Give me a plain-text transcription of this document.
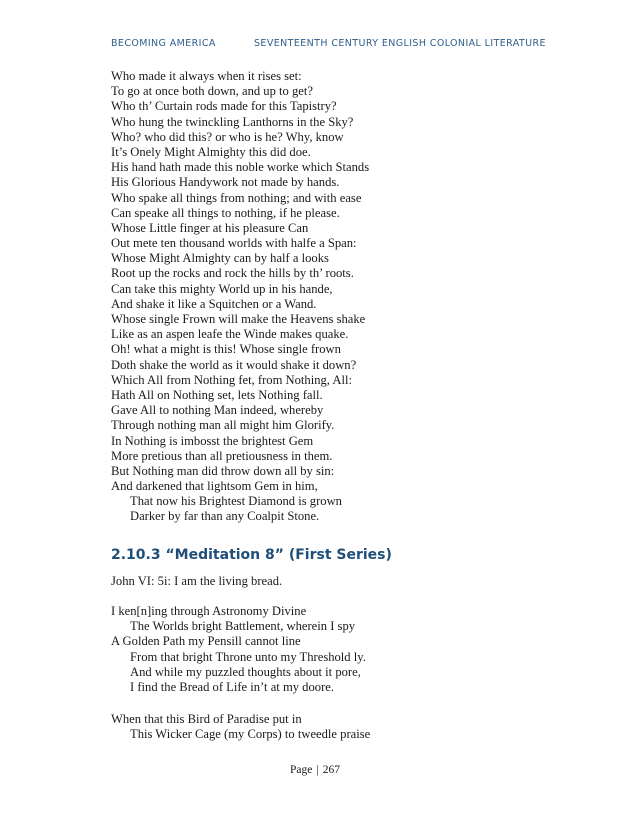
BECOMING AMERICA	SEVENTEENTH CENTURY ENGLISH COLONIAL LITERATURE
Who made it always when it rises set:
To go at once both down, and up to get?
Who th’ Curtain rods made for this Tapistry?
Who hung the twinckling Lanthorns in the Sky?
Who? who did this? or who is he? Why, know
It’s Onely Might Almighty this did doe.
His hand hath made this noble worke which Stands
His Glorious Handywork not made by hands.
Who spake all things from nothing; and with ease
Can speake all things to nothing, if he please.
Whose Little finger at his pleasure Can
Out mete ten thousand worlds with halfe a Span:
Whose Might Almighty can by half a looks
Root up the rocks and rock the hills by th’ roots.
Can take this mighty World up in his hande,
And shake it like a Squitchen or a Wand.
Whose single Frown will make the Heavens shake
Like as an aspen leafe the Winde makes quake.
Oh! what a might is this! Whose single frown
Doth shake the world as it would shake it down?
Which All from Nothing fet, from Nothing, All:
Hath All on Nothing set, lets Nothing fall.
Gave All to nothing Man indeed, whereby
Through nothing man all might him Glorify.
In Nothing is imbosst the brightest Gem
More pretious than all pretiousness in them.
But Nothing man did throw down all by sin:
And darkened that lightsom Gem in him,
That now his Brightest Diamond is grown
Darker by far than any Coalpit Stone.
2.10.3 “Meditation 8” (First Series)
John VI: 5i: I am the living bread.
I ken[n]ing through Astronomy Divine
The Worlds bright Battlement, wherein I spy
A Golden Path my Pensill cannot line
From that bright Throne unto my Threshold ly.
And while my puzzled thoughts about it pore,
I find the Bread of Life in’t at my doore.
When that this Bird of Paradise put in
This Wicker Cage (my Corps) to tweedle praise
Page | 267
